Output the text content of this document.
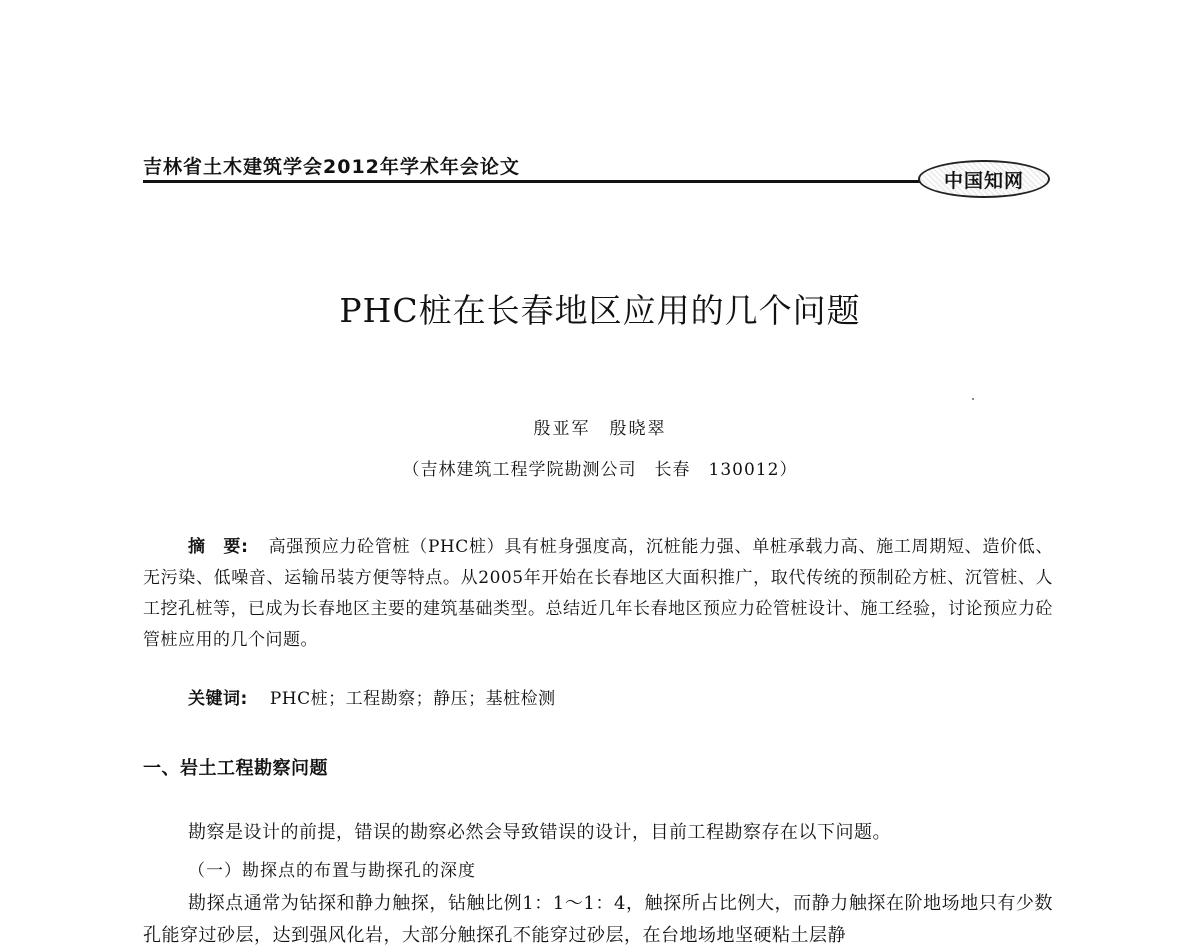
吉林省土木建筑学会2012年学术年会论文
中国知网
PHC桩在长春地区应用的几个问题
殷亚军　殷晓翠
（吉林建筑工程学院勘测公司　长春　130012）

摘　要: 高强预应力砼管桩（PHC桩）具有桩身强度高，沉桩能力强、单桩承载力高、施工周期短、造价低、无污染、低噪音、运输吊装方便等特点。从2005年开始在长春地区大面积推广，取代传统的预制砼方桩、沉管桩、人工挖孔桩等，已成为长春地区主要的建筑基础类型。总结近几年长春地区预应力砼管桩设计、施工经验，讨论预应力砼管桩应用的几个问题。

关键词: PHC桩；工程勘察；静压；基桩检测
一、岩土工程勘察问题
勘察是设计的前提，错误的勘察必然会导致错误的设计，目前工程勘察存在以下问题。
（一）勘探点的布置与勘探孔的深度

勘探点通常为钻探和静力触探，钻触比例1：1～1：4，触探所占比例大，而静力触探在阶地场地只有少数孔能穿过砂层，达到强风化岩，大部分触探孔不能穿过砂层，在台地场地坚硬粘土层静
